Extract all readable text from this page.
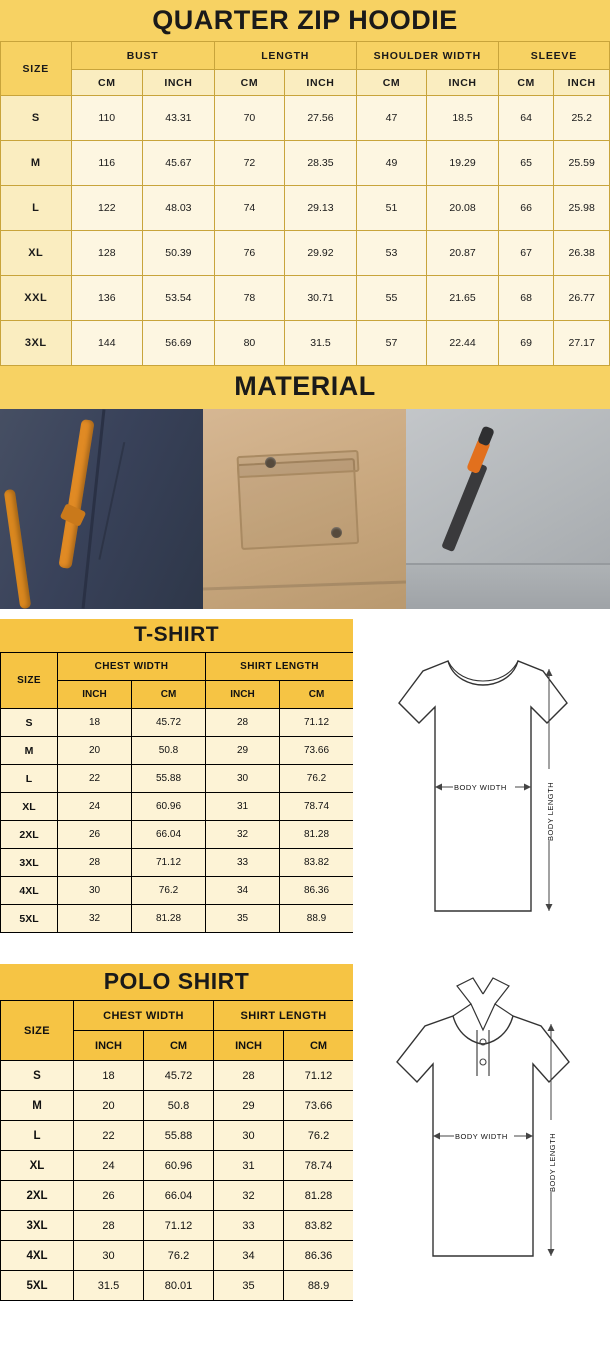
QUARTER ZIP HOODIE
SIZE	BUST		LENGTH		SHOULDER WIDTH		SLEEVE	
	CM	INCH	CM	INCH	CM	INCH	CM	INCH
S	110	43.31	70	27.56	47	18.5	64	25.2
M	116	45.67	72	28.35	49	19.29	65	25.59
L	122	48.03	74	29.13	51	20.08	66	25.98
XL	128	50.39	76	29.92	53	20.87	67	26.38
XXL	136	53.54	78	30.71	55	21.65	68	26.77
3XL	144	56.69	80	31.5	57	22.44	69	27.17
MATERIAL
T-SHIRT
SIZE	CHEST WIDTH		SHIRT LENGTH	
	INCH	CM	INCH	CM
S	18	45.72	28	71.12
M	20	50.8	29	73.66
L	22	55.88	30	76.2
XL	24	60.96	31	78.74
2XL	26	66.04	32	81.28
3XL	28	71.12	33	83.82
4XL	30	76.2	34	86.36
5XL	32	81.28	35	88.9
BODY WIDTH	BODY LENGTH
POLO SHIRT
SIZE	CHEST WIDTH		SHIRT LENGTH	
	INCH	CM	INCH	CM
S	18	45.72	28	71.12
M	20	50.8	29	73.66
L	22	55.88	30	76.2
XL	24	60.96	31	78.74
2XL	26	66.04	32	81.28
3XL	28	71.12	33	83.82
4XL	30	76.2	34	86.36
5XL	31.5	80.01	35	88.9
BODY WIDTH	BODY LENGTH
